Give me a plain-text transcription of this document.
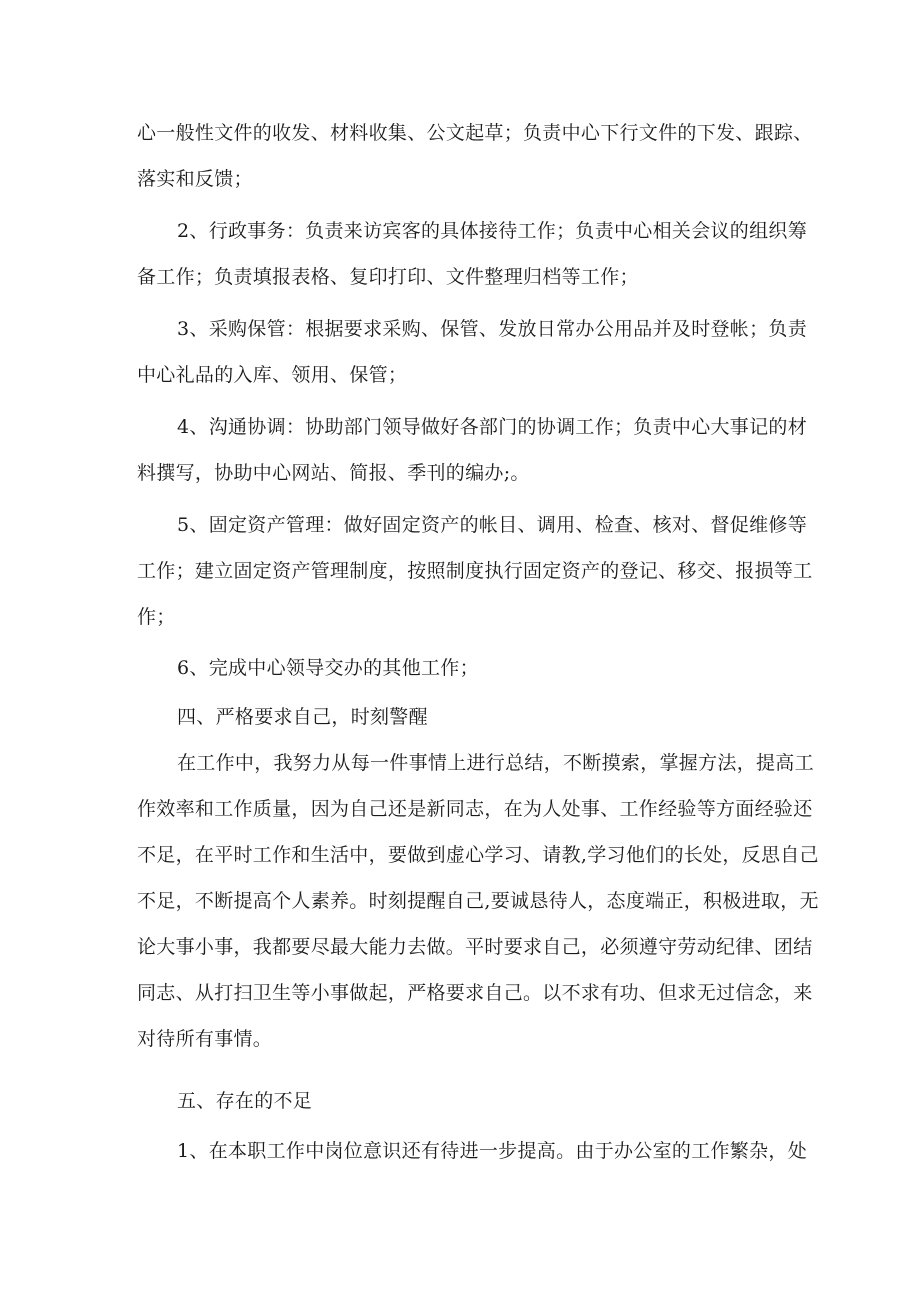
心一般性文件的收发、材料收集、公文起草；负责中心下行文件的下发、跟踪、
落实和反馈；
2、行政事务：负责来访宾客的具体接待工作；负责中心相关会议的组织筹
备工作；负责填报表格、复印打印、文件整理归档等工作；
3、采购保管：根据要求采购、保管、发放日常办公用品并及时登帐；负责
中心礼品的入库、领用、保管；
4、沟通协调：协助部门领导做好各部门的协调工作；负责中心大事记的材
料撰写，协助中心网站、简报、季刊的编办;。
5、固定资产管理：做好固定资产的帐目、调用、检查、核对、督促维修等
工作；建立固定资产管理制度，按照制度执行固定资产的登记、移交、报损等工
作；
6、完成中心领导交办的其他工作；
四、严格要求自己，时刻警醒
在工作中，我努力从每一件事情上进行总结，不断摸索，掌握方法，提高工
作效率和工作质量，因为自己还是新同志，在为人处事、工作经验等方面经验还
不足，在平时工作和生活中，要做到虚心学习、请教,学习他们的长处，反思自己
不足，不断提高个人素养。时刻提醒自己,要诚恳待人，态度端正，积极进取，无
论大事小事，我都要尽最大能力去做。平时要求自己，必须遵守劳动纪律、团结
同志、从打扫卫生等小事做起，严格要求自己。以不求有功、但求无过信念，来
对待所有事情。
五、存在的不足
1、在本职工作中岗位意识还有待进一步提高。由于办公室的工作繁杂，处
